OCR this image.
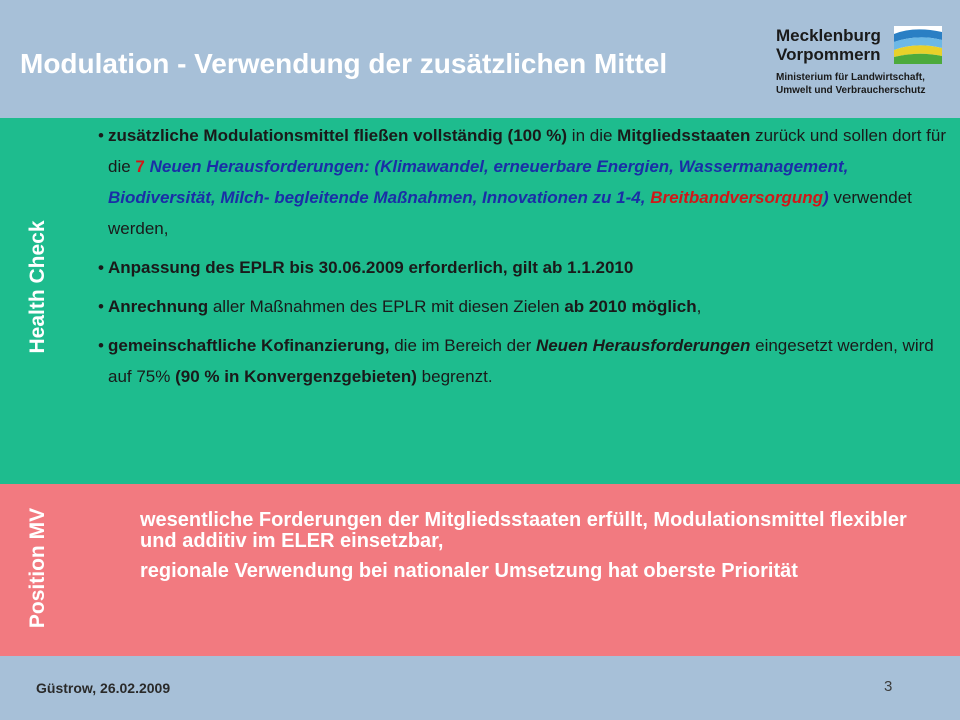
Modulation - Verwendung der zusätzlichen Mittel
Mecklenburg
Vorpommern
Ministerium für Landwirtschaft,
Umwelt und Verbraucherschutz
Health Check
Position MV
• zusätzliche Modulationsmittel fließen vollständig (100 %) in die Mitgliedsstaaten zurück und sollen dort für die 7 Neuen Herausforderungen: (Klimawandel, erneuerbare Energien, Wassermanagement, Biodiversität, Milch- begleitende Maßnahmen, Innovationen zu 1-4, Breitbandversorgung) verwendet werden,
• Anpassung des EPLR bis 30.06.2009 erforderlich, gilt ab 1.1.2010
• Anrechnung aller Maßnahmen des EPLR mit diesen Zielen ab 2010 möglich,
• gemeinschaftliche Kofinanzierung, die im Bereich der Neuen Herausforderungen eingesetzt werden, wird auf 75% (90 % in Konvergenzgebieten) begrenzt.

wesentliche Forderungen der Mitgliedsstaaten erfüllt, Modulationsmittel flexibler und additiv im ELER einsetzbar,

regionale Verwendung bei nationaler Umsetzung hat oberste Priorität

Güstrow, 26.02.2009	3
